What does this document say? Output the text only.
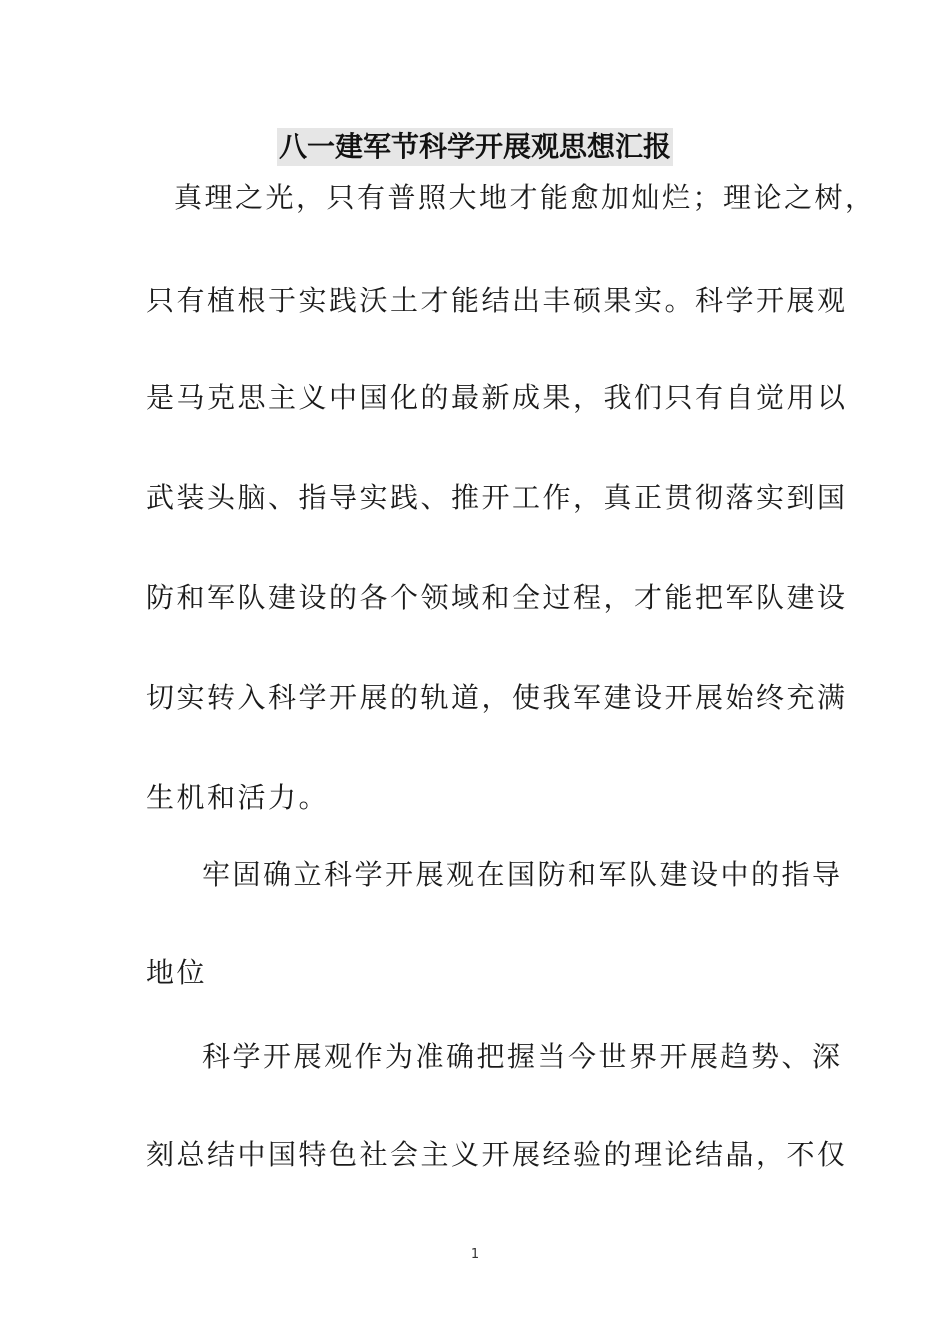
八一建军节科学开展观思想汇报
真理之光，只有普照大地才能愈加灿烂；理论之树，
只有植根于实践沃土才能结出丰硕果实。科学开展观
是马克思主义中国化的最新成果，我们只有自觉用以
武装头脑、指导实践、推开工作，真正贯彻落实到国
防和军队建设的各个领域和全过程，才能把军队建设
切实转入科学开展的轨道，使我军建设开展始终充满
生机和活力。
牢固确立科学开展观在国防和军队建设中的指导
地位
科学开展观作为准确把握当今世界开展趋势、深
刻总结中国特色社会主义开展经验的理论结晶，不仅
1
